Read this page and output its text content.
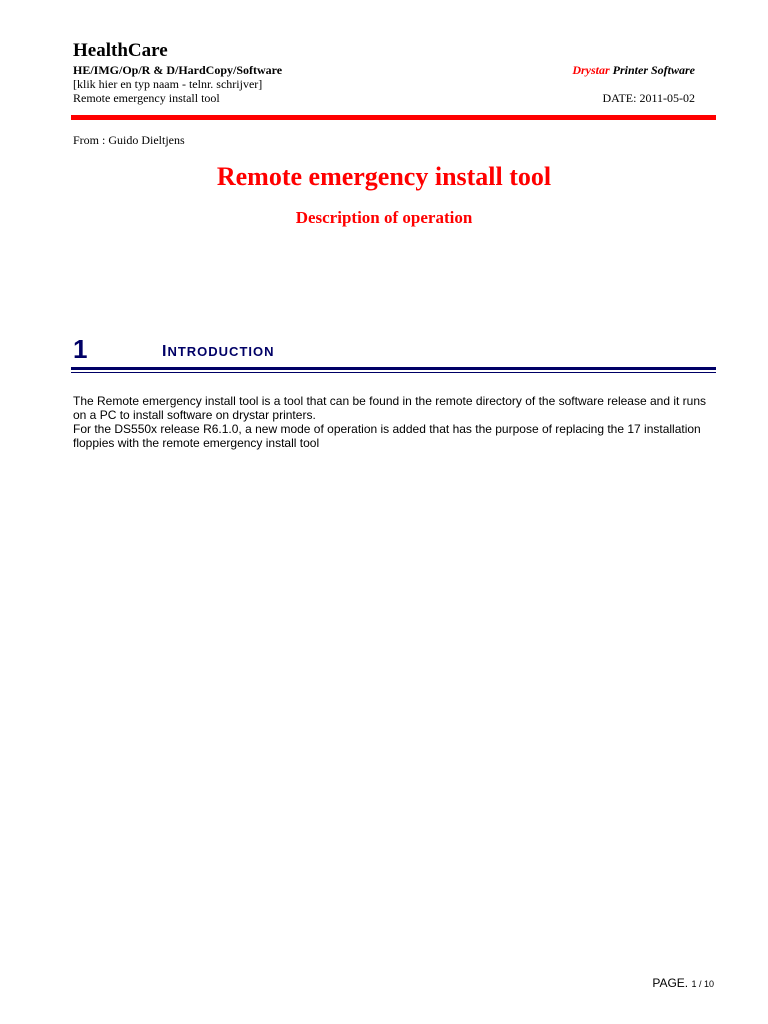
HealthCare
HE/IMG/Op/R & D/HardCopy/Software	Drystar Printer Software
[klik hier en typ naam - telnr. schrijver]
Remote emergency install tool	DATE: 2011-05-02
From : Guido Dieltjens
Remote emergency install tool
Description of operation
1	INTRODUCTION

The Remote emergency install tool is a tool that can be found in the remote directory of the software release and it runs on a PC to install software on drystar printers.

For the DS550x release R6.1.0, a new mode of operation is added that has the purpose of replacing the 17 installation floppies with the remote emergency install tool

PAGE. 1 / 10
